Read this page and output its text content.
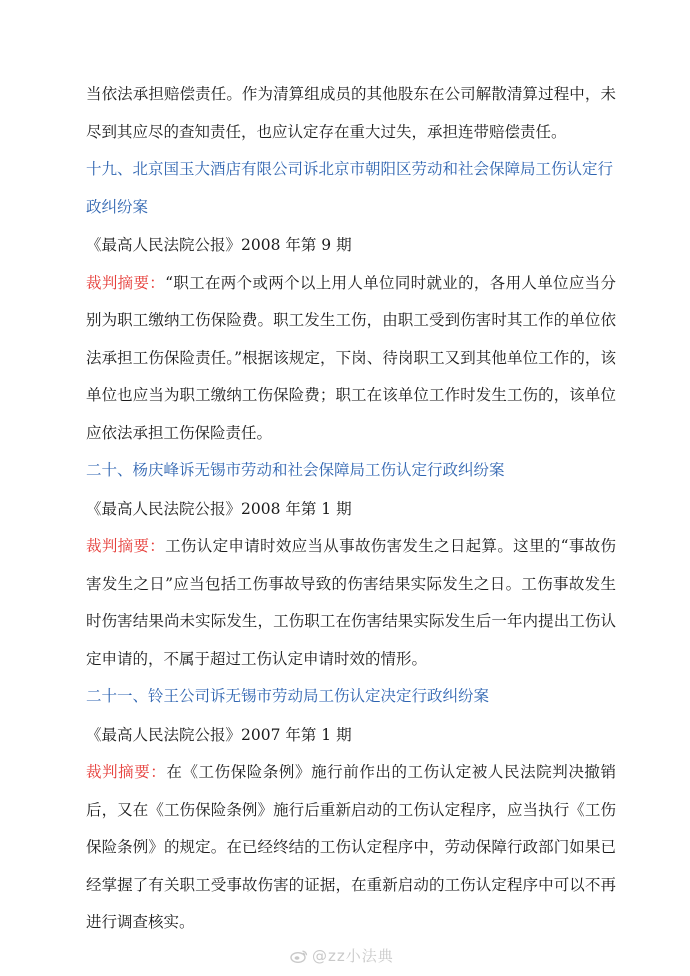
当依法承担赔偿责任。作为清算组成员的其他股东在公司解散清算过程中，未尽到其应尽的查知责任，也应认定存在重大过失，承担连带赔偿责任。

十九、北京国玉大酒店有限公司诉北京市朝阳区劳动和社会保障局工伤认定行政纠纷案

《最高人民法院公报》2008 年第 9 期

裁判摘要：“职工在两个或两个以上用人单位同时就业的，各用人单位应当分别为职工缴纳工伤保险费。职工发生工伤，由职工受到伤害时其工作的单位依法承担工伤保险责任。”根据该规定，下岗、待岗职工又到其他单位工作的，该单位也应当为职工缴纳工伤保险费；职工在该单位工作时发生工伤的，该单位应依法承担工伤保险责任。

二十、杨庆峰诉无锡市劳动和社会保障局工伤认定行政纠纷案

《最高人民法院公报》2008 年第 1 期

裁判摘要：工伤认定申请时效应当从事故伤害发生之日起算。这里的“事故伤害发生之日”应当包括工伤事故导致的伤害结果实际发生之日。工伤事故发生时伤害结果尚未实际发生，工伤职工在伤害结果实际发生后一年内提出工伤认定申请的，不属于超过工伤认定申请时效的情形。

二十一、铃王公司诉无锡市劳动局工伤认定决定行政纠纷案

《最高人民法院公报》2007 年第 1 期

裁判摘要：在《工伤保险条例》施行前作出的工伤认定被人民法院判决撤销后，又在《工伤保险条例》施行后重新启动的工伤认定程序，应当执行《工伤保险条例》的规定。在已经终结的工伤认定程序中，劳动保障行政部门如果已经掌握了有关职工受事故伤害的证据，在重新启动的工伤认定程序中可以不再进行调查核实。

@zz小法典
